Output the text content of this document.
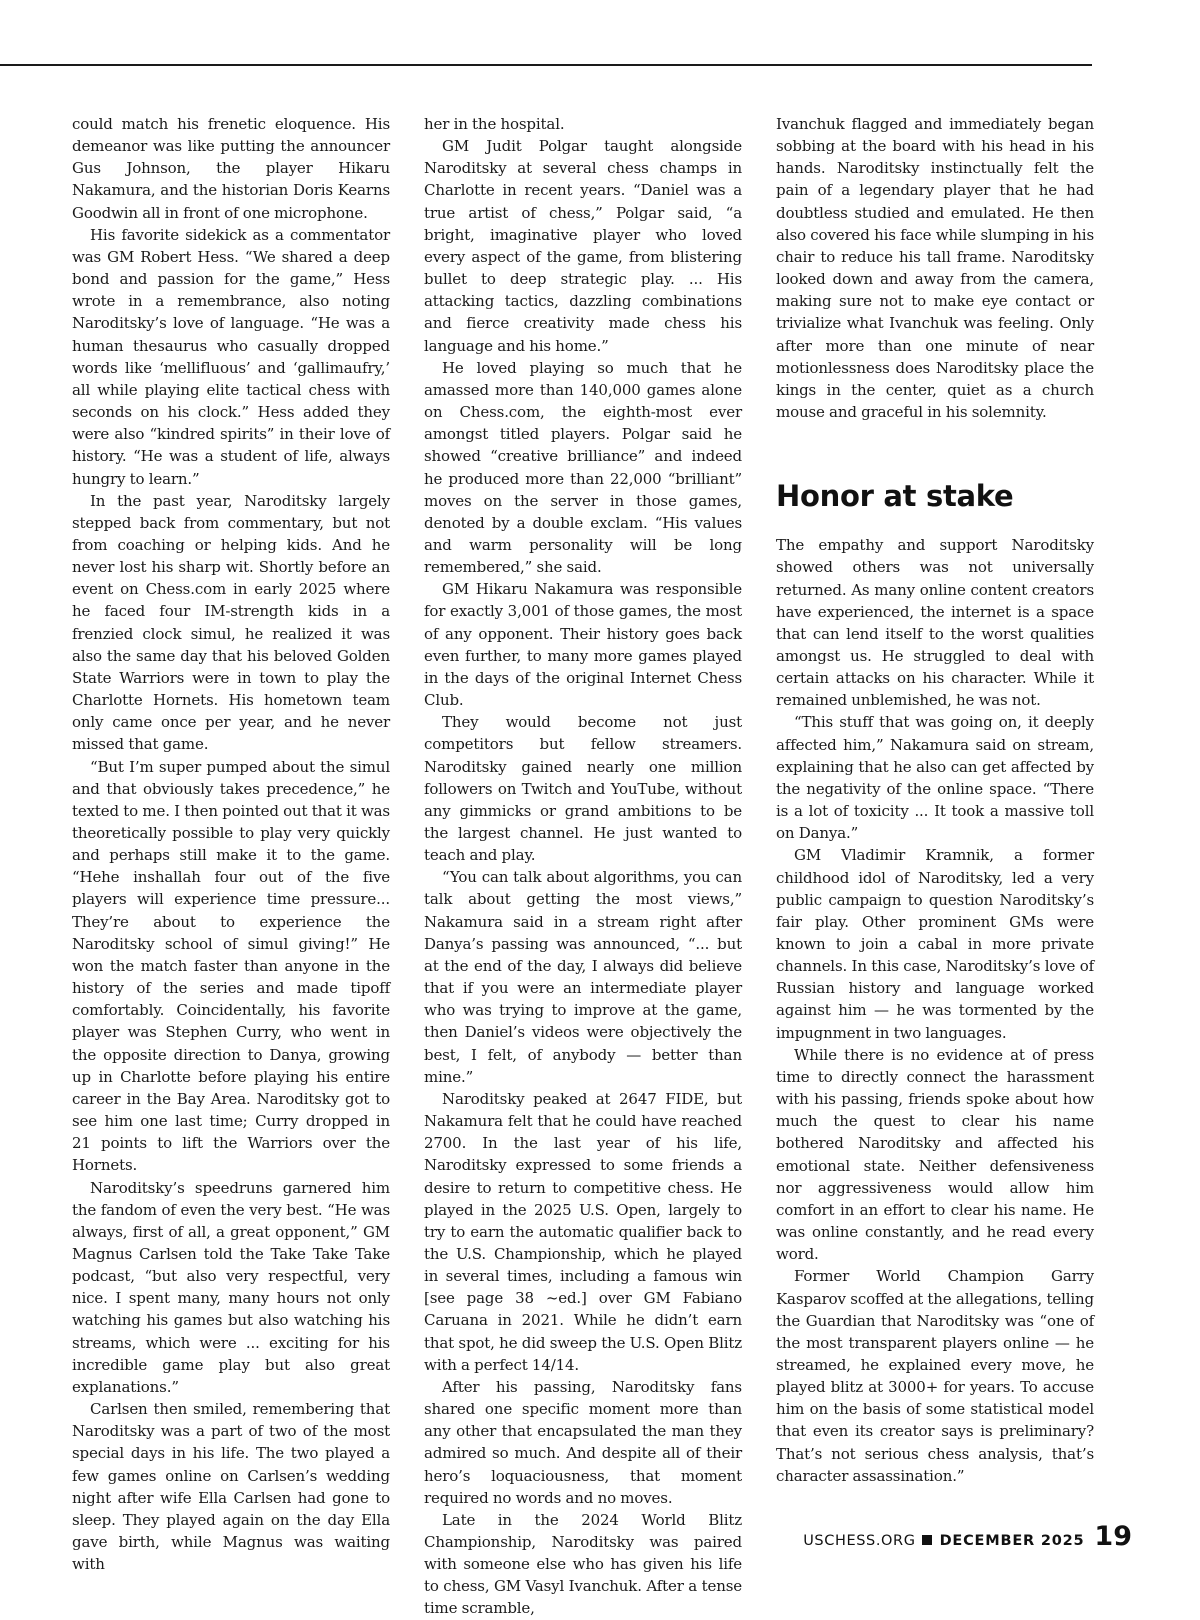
could match his frenetic eloquence. His demeanor was like putting the announcer Gus Johnson, the player Hikaru Nakamura, and the historian Doris Kearns Goodwin all in front of one microphone.

His favorite sidekick as a commentator was GM Robert Hess. “We shared a deep bond and passion for the game,” Hess wrote in a remembrance, also noting Naroditsky’s love of language. “He was a human thesaurus who casually dropped words like ‘mellifluous’ and ‘gallimaufry,’ all while playing elite tactical chess with seconds on his clock.” Hess added they were also “kindred spirits” in their love of history. “He was a student of life, always hungry to learn.”

In the past year, Naroditsky largely stepped back from commentary, but not from coaching or helping kids. And he never lost his sharp wit. Shortly before an event on Chess.com in early 2025 where he faced four IM-strength kids in a frenzied clock simul, he realized it was also the same day that his beloved Golden State Warriors were in town to play the Charlotte Hornets. His hometown team only came once per year, and he never missed that game.

“But I’m super pumped about the simul and that obviously takes precedence,” he texted to me. I then pointed out that it was theoretically possible to play very quickly and perhaps still make it to the game. “Hehe inshallah four out of the five players will experience time pressure... They’re about to experience the Naroditsky school of simul giving!” He won the match faster than anyone in the history of the series and made tipoff comfortably. Coincidentally, his favorite player was Stephen Curry, who went in the opposite direction to Danya, growing up in Charlotte before playing his entire career in the Bay Area. Naroditsky got to see him one last time; Curry dropped in 21 points to lift the Warriors over the Hornets.

Naroditsky’s speedruns garnered him the fandom of even the very best. “He was always, first of all, a great opponent,” GM Magnus Carlsen told the Take Take Take podcast, “but also very respectful, very nice. I spent many, many hours not only watching his games but also watching his streams, which were ... exciting for his incredible game play but also great explanations.”

Carlsen then smiled, remembering that Naroditsky was a part of two of the most special days in his life. The two played a few games online on Carlsen’s wedding night after wife Ella Carlsen had gone to sleep. They played again on the day Ella gave birth, while Magnus was waiting with

her in the hospital.

GM Judit Polgar taught alongside Naroditsky at several chess champs in Charlotte in recent years. “Daniel was a true artist of chess,” Polgar said, “a bright, imaginative player who loved every aspect of the game, from blistering bullet to deep strategic play. ... His attacking tactics, dazzling combinations and fierce creativity made chess his language and his home.”

He loved playing so much that he amassed more than 140,000 games alone on Chess.com, the eighth-most ever amongst titled players. Polgar said he showed “creative brilliance” and indeed he produced more than 22,000 “brilliant” moves on the server in those games, denoted by a double exclam. “His values and warm personality will be long remembered,” she said.

GM Hikaru Nakamura was responsible for exactly 3,001 of those games, the most of any opponent. Their history goes back even further, to many more games played in the days of the original Internet Chess Club.

They would become not just competitors but fellow streamers. Naroditsky gained nearly one million followers on Twitch and YouTube, without any gimmicks or grand ambitions to be the largest channel. He just wanted to teach and play.

“You can talk about algorithms, you can talk about getting the most views,” Nakamura said in a stream right after Danya’s passing was announced, “... but at the end of the day, I always did believe that if you were an intermediate player who was trying to improve at the game, then Daniel’s videos were objectively the best, I felt, of anybody — better than mine.”

Naroditsky peaked at 2647 FIDE, but Nakamura felt that he could have reached 2700. In the last year of his life, Naroditsky expressed to some friends a desire to return to competitive chess. He played in the 2025 U.S. Open, largely to try to earn the automatic qualifier back to the U.S. Championship, which he played in several times, including a famous win [see page 38 ~ed.] over GM Fabiano Caruana in 2021. While he didn’t earn that spot, he did sweep the U.S. Open Blitz with a perfect 14/14.

After his passing, Naroditsky fans shared one specific moment more than any other that encapsulated the man they admired so much. And despite all of their hero’s loquaciousness, that moment required no words and no moves.

Late in the 2024 World Blitz Championship, Naroditsky was paired with someone else who has given his life to chess, GM Vasyl Ivanchuk. After a tense time scramble,

Ivanchuk flagged and immediately began sobbing at the board with his head in his hands. Naroditsky instinctually felt the pain of a legendary player that he had doubtless studied and emulated. He then also covered his face while slumping in his chair to reduce his tall frame. Naroditsky looked down and away from the camera, making sure not to make eye contact or trivialize what Ivanchuk was feeling. Only after more than one minute of near motionlessness does Naroditsky place the kings in the center, quiet as a church mouse and graceful in his solemnity.

Honor at stake

The empathy and support Naroditsky showed others was not universally returned. As many online content creators have experienced, the internet is a space that can lend itself to the worst qualities amongst us. He struggled to deal with certain attacks on his character. While it remained unblemished, he was not.

“This stuff that was going on, it deeply affected him,” Nakamura said on stream, explaining that he also can get affected by the negativity of the online space. “There is a lot of toxicity ... It took a massive toll on Danya.”

GM Vladimir Kramnik, a former childhood idol of Naroditsky, led a very public campaign to question Naroditsky’s fair play. Other prominent GMs were known to join a cabal in more private channels. In this case, Naroditsky’s love of Russian history and language worked against him — he was tormented by the impugnment in two languages.

While there is no evidence at of press time to directly connect the harassment with his passing, friends spoke about how much the quest to clear his name bothered Naroditsky and affected his emotional state. Neither defensiveness nor aggressiveness would allow him comfort in an effort to clear his name. He was online constantly, and he read every word.

Former World Champion Garry Kasparov scoffed at the allegations, telling the Guardian that Naroditsky was “one of the most transparent players online — he streamed, he explained every move, he played blitz at 3000+ for years. To accuse him on the basis of some statistical model that even its creator says is preliminary? That’s not serious chess analysis, that’s character assassination.”

USCHESS.ORG DECEMBER 2025 19
